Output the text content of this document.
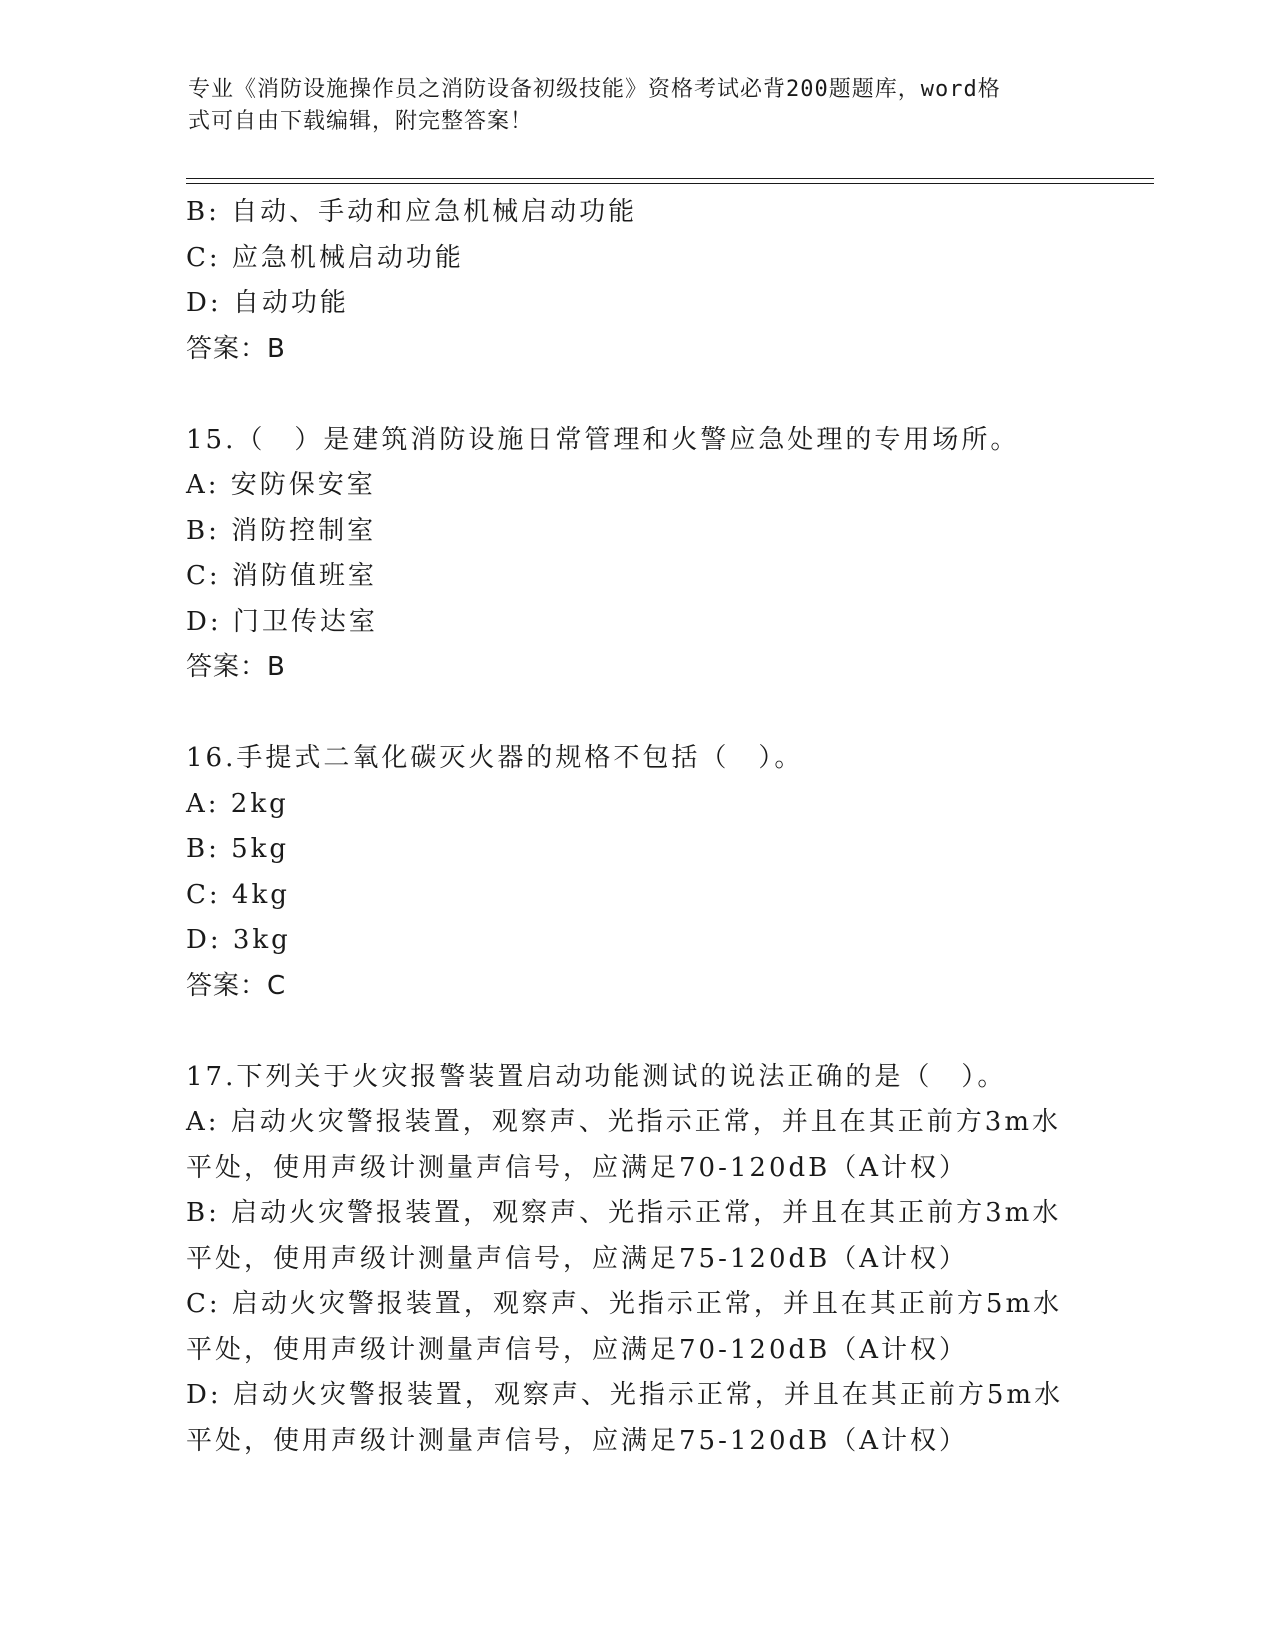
专业《消防设施操作员之消防设备初级技能》资格考试必背200题题库，word格
式可自由下载编辑，附完整答案！
B: 自动、手动和应急机械启动功能
C: 应急机械启动功能
D: 自动功能
答案：B
15.（　）是建筑消防设施日常管理和火警应急处理的专用场所。
A: 安防保安室
B: 消防控制室
C: 消防值班室
D: 门卫传达室
答案：B
16.手提式二氧化碳灭火器的规格不包括（　）。
A: 2kg
B: 5kg
C: 4kg
D: 3kg
答案：C
17.下列关于火灾报警装置启动功能测试的说法正确的是（　）。
A: 启动火灾警报装置，观察声、光指示正常，并且在其正前方3m水
平处，使用声级计测量声信号，应满足70-120dB（A计权）
B: 启动火灾警报装置，观察声、光指示正常，并且在其正前方3m水
平处，使用声级计测量声信号，应满足75-120dB（A计权）
C: 启动火灾警报装置，观察声、光指示正常，并且在其正前方5m水
平处，使用声级计测量声信号，应满足70-120dB（A计权）
D: 启动火灾警报装置，观察声、光指示正常，并且在其正前方5m水
平处，使用声级计测量声信号，应满足75-120dB（A计权）
